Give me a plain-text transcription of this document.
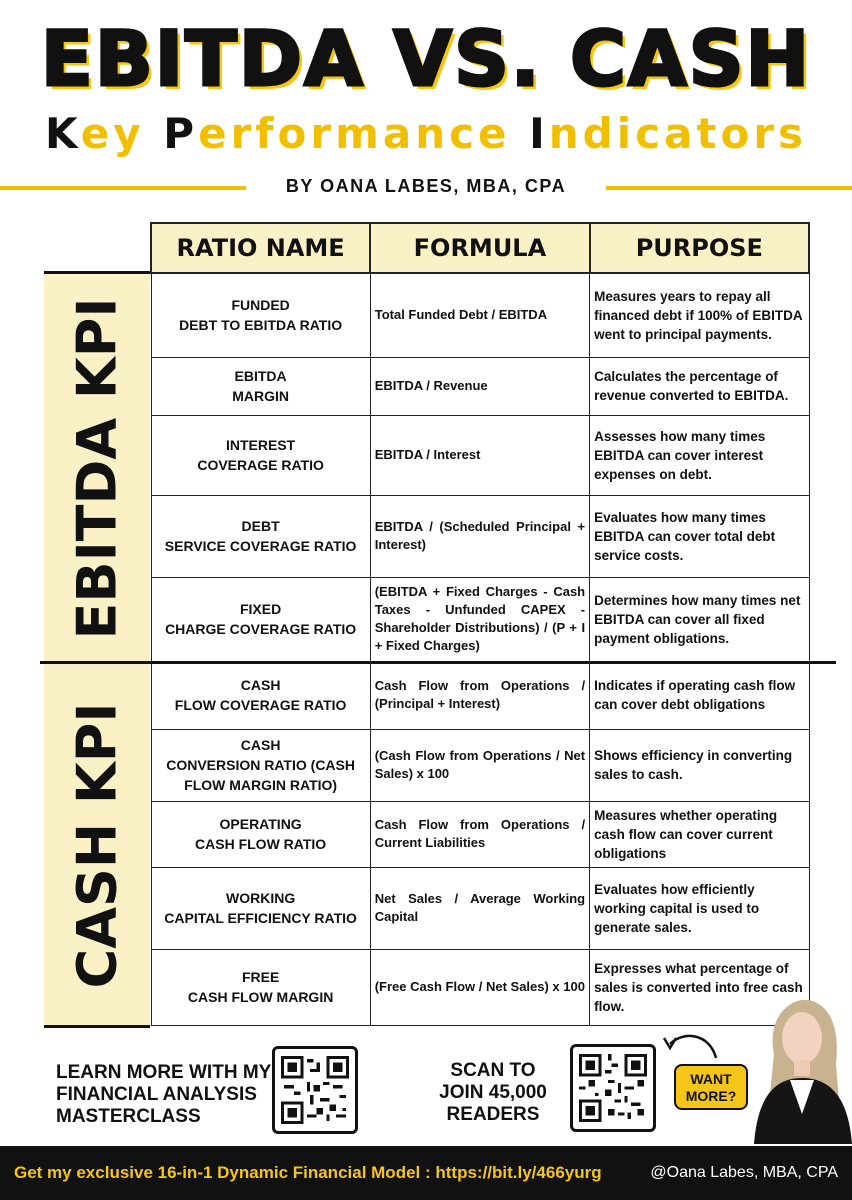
EBITDA VS. CASH
Key Performance Indicators
BY OANA LABES, MBA, CPA
EBITDA KPI
CASH KPI
RATIO NAME	FORMULA	PURPOSE
FUNDED
DEBT TO EBITDA RATIO	Total Funded Debt / EBITDA	Measures years to repay all financed debt if 100% of EBITDA went to principal payments.
EBITDA
MARGIN	EBITDA / Revenue	Calculates the percentage of revenue converted to EBITDA.
INTEREST
COVERAGE RATIO	EBITDA / Interest	Assesses how many times EBITDA can cover interest expenses on debt.
DEBT
SERVICE COVERAGE RATIO	EBITDA / (Scheduled Principal + Interest)	Evaluates how many times EBITDA can cover total debt service costs.
FIXED
CHARGE COVERAGE RATIO	(EBITDA + Fixed Charges - Cash Taxes - Unfunded CAPEX - Shareholder Distributions) / (P + I + Fixed Charges)	Determines how many times net EBITDA can cover all fixed payment obligations.
CASH
FLOW COVERAGE RATIO	Cash Flow from Operations / (Principal + Interest)	Indicates if operating cash flow can cover debt obligations
CASH
CONVERSION RATIO (CASH FLOW MARGIN RATIO)	(Cash Flow from Operations / Net Sales) x 100	Shows efficiency in converting sales to cash.
OPERATING
CASH FLOW RATIO	Cash Flow from Operations / Current Liabilities	Measures whether operating cash flow can cover current obligations
WORKING
CAPITAL EFFICIENCY RATIO	Net Sales / Average Working Capital	Evaluates how efficiently working capital is used to generate sales.
FREE
CASH FLOW MARGIN	(Free Cash Flow / Net Sales) x 100	Expresses what percentage of sales is converted into free cash flow.
LEARN MORE WITH MY
FINANCIAL ANALYSIS
MASTERCLASS
SCAN TO
JOIN 45,000
READERS
WANT
MORE?
Get my exclusive 16-in-1 Dynamic Financial Model : https://bit.ly/466yurg	@Oana Labes, MBA, CPA
